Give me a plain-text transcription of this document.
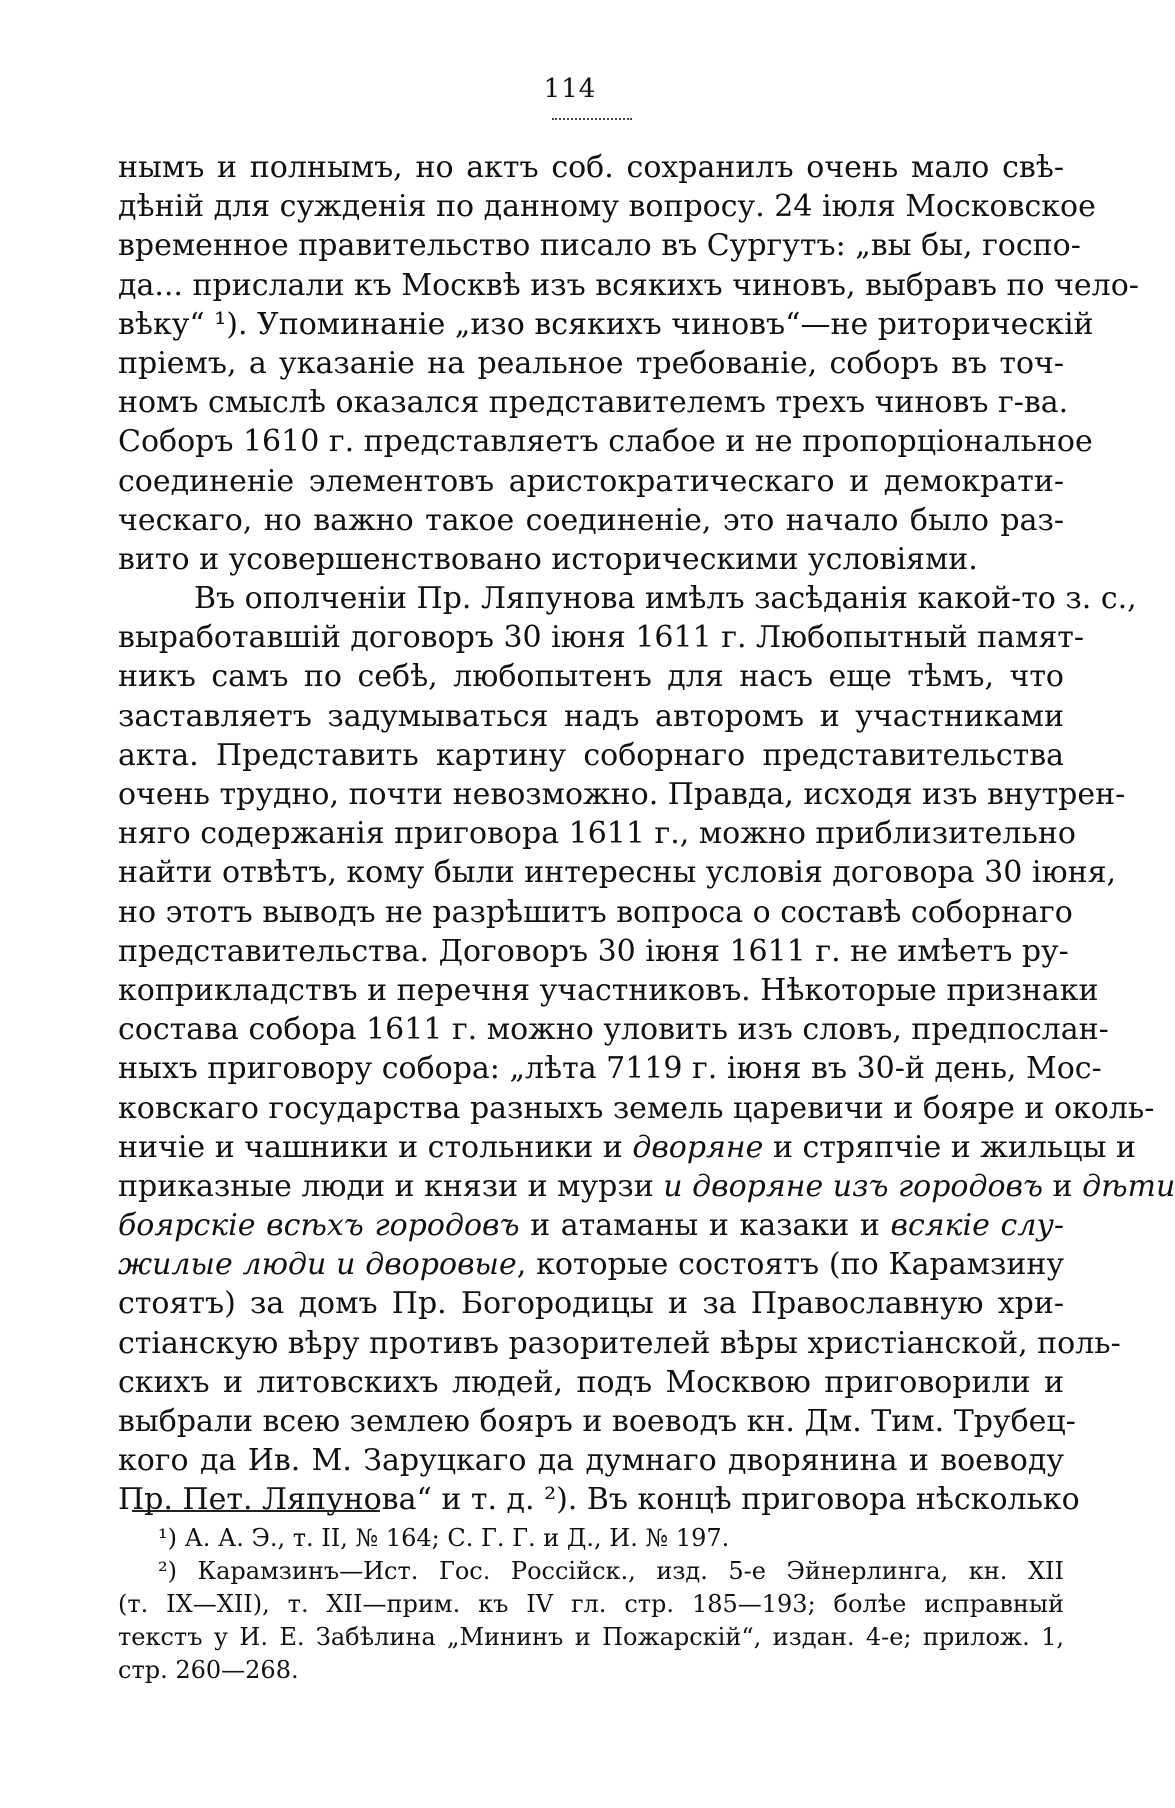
114
нымъ и полнымъ, но актъ соб. сохранилъ очень мало свѣ-
дѣній для сужденія по данному вопросу. 24 іюля Московское
временное правительство писало въ Сургутъ: „вы бы, госпо-
да... прислали къ Москвѣ изъ всякихъ чиновъ, выбравъ по чело-
вѣку“ ¹). Упоминаніе „изо всякихъ чиновъ“—не риторическій
пріемъ, а указаніе на реальное требованіе, соборъ въ точ-
номъ смыслѣ оказался представителемъ трехъ чиновъ г-ва.
Соборъ 1610 г. представляетъ слабое и не пропорціональное
соединеніе элементовъ аристократическаго и демократи-
ческаго, но важно такое соединеніе, это начало было раз-
вито и усовершенствовано историческими условіями.
Въ ополченіи Пр. Ляпунова имѣлъ засѣданія какой-то з. с.,
выработавшій договоръ 30 іюня 1611 г. Любопытный памят-
никъ самъ по себѣ, любопытенъ для насъ еще тѣмъ, что
заставляетъ задумываться надъ авторомъ и участниками
акта. Представить картину соборнаго представительства
очень трудно, почти невозможно. Правда, исходя изъ внутрен-
няго содержанія приговора 1611 г., можно приблизительно
найти отвѣтъ, кому были интересны условія договора 30 іюня,
но этотъ выводъ не разрѣшитъ вопроса о составѣ соборнаго
представительства. Договоръ 30 іюня 1611 г. не имѣетъ ру-
коприкладствъ и перечня участниковъ. Нѣкоторые признаки
состава собора 1611 г. можно уловить изъ словъ, предпослан-
ныхъ приговору собора: „лѣта 7119 г. іюня въ 30-й день, Мос-
ковскаго государства разныхъ земель царевичи и бояре и околь-
ничіе и чашники и стольники и дворяне и стряпчіе и жильцы и
приказные люди и князи и мурзи и дворяне изъ городовъ и дѣти
боярскіе всѣхъ городовъ и атаманы и казаки и всякіе слу-
жилые люди и дворовые, которые состоятъ (по Карамзину
стоятъ) за домъ Пр. Богородицы и за Православную хри-
стіанскую вѣру противъ разорителей вѣры христіанской, поль-
скихъ и литовскихъ людей, подъ Москвою приговорили и
выбрали всею землею бояръ и воеводъ кн. Дм. Тим. Трубец-
кого да Ив. М. Заруцкаго да думнаго дворянина и воеводу
Пр. Пет. Ляпунова“ и т. д. ²). Въ концѣ приговора нѣсколько
¹) А. А. Э., т. II, № 164; С. Г. Г. и Д., И. № 197.
²) Карамзинъ—Ист. Гос. Россійск., изд. 5-е Эйнерлинга, кн. XII
(т. IX—XII), т. XII—прим. къ IV гл. стр. 185—193; болѣе исправный
текстъ у И. Е. Забѣлина „Мининъ и Пожарскій“, издан. 4-е; прилож. 1,
стр. 260—268.
